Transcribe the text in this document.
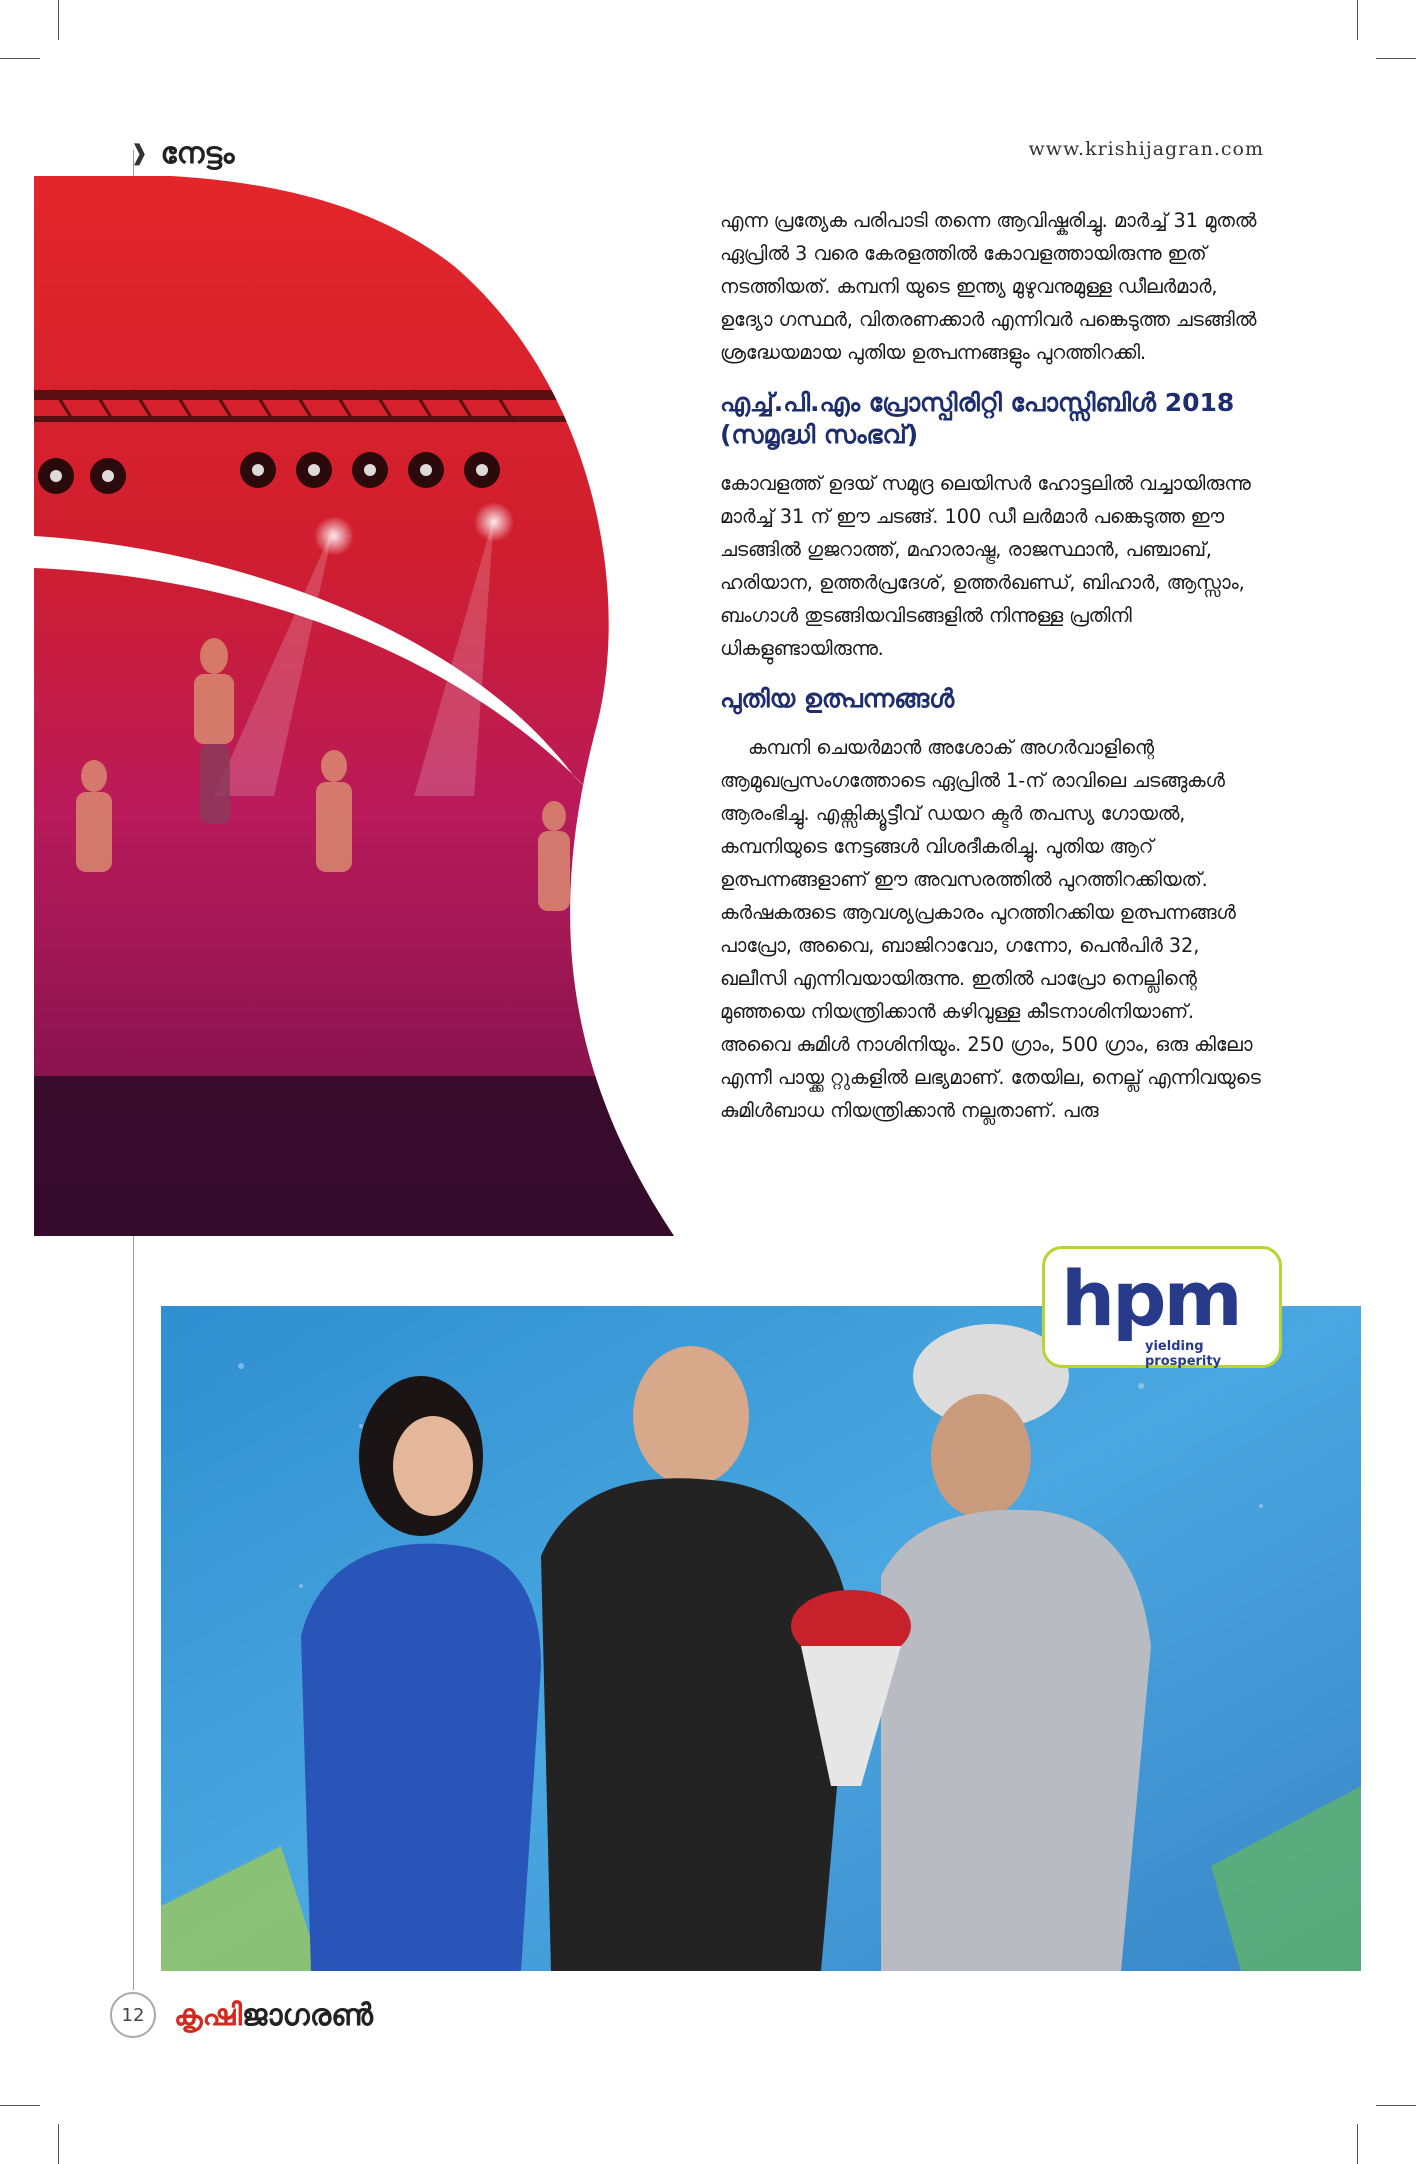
❱ നേട്ടം	www.krishijagran.com

എന്ന പ്രത്യേക പരിപാടി തന്നെ ആവിഷ്കരിച്ചു. മാർച്ച് 31 മുതൽ ഏപ്രിൽ 3 വരെ കേരളത്തിൽ കോവളത്തായിരുന്നു ഇത് നടത്തിയത്. കമ്പനി യുടെ ഇന്ത്യ മുഴുവനുമുള്ള ഡീലർമാർ, ഉദ്യോ ഗസ്ഥർ, വിതരണക്കാർ എന്നിവർ പങ്കെടുത്ത ചടങ്ങിൽ ശ്രദ്ധേയമായ പുതിയ ഉത്പന്നങ്ങളും പുറത്തിറക്കി.

എച്ച്.പി.എം പ്രോസ്പിരിറ്റി പോസ്സിബിൾ 2018 (സമൃദ്ധി സംഭവ്)

കോവളത്ത് ഉദയ് സമുദ്ര ലെയിസർ ഹോട്ടലിൽ വച്ചായിരുന്നു മാർച്ച് 31 ന് ഈ ചടങ്ങ്. 100 ഡീ ലർമാർ പങ്കെടുത്ത ഈ ചടങ്ങിൽ ഗുജറാത്ത്, മഹാരാഷ്ട്ര, രാജസ്ഥാൻ, പഞ്ചാബ്, ഹരിയാന, ഉത്തർപ്രദേശ്, ഉത്തർഖണ്ഡ്, ബിഹാർ, ആസ്സാം, ബംഗാൾ തുടങ്ങിയവിടങ്ങളിൽ നിന്നുള്ള പ്രതിനി ധികളുണ്ടായിരുന്നു.

പുതിയ ഉത്പന്നങ്ങൾ

കമ്പനി ചെയർമാൻ അശോക് അഗർവാളിന്റെ ആമുഖപ്രസംഗത്തോടെ ഏപ്രിൽ 1-ന് രാവിലെ ചടങ്ങുകൾ ആരംഭിച്ചു. എക്സിക്യൂട്ടീവ് ഡയറ ക്ടർ തപസ്യ ഗോയൽ, കമ്പനിയുടെ നേട്ടങ്ങൾ വിശദീകരിച്ചു. പുതിയ ആറ് ഉത്പന്നങ്ങളാണ് ഈ അവസരത്തിൽ പുറത്തിറക്കിയത്. കർഷകരുടെ ആവശ്യപ്രകാരം പുറത്തിറക്കിയ ഉത്പന്നങ്ങൾ പാപ്രോ, അവൈ, ബാജിറാവോ, ഗന്നോ, പെൻപിർ 32, ഖലീസി എന്നിവയായിരുന്നു. ഇതിൽ പാപ്രോ നെല്ലിന്റെ മുഞ്ഞയെ നിയന്ത്രിക്കാൻ കഴിവുള്ള കീടനാശിനിയാണ്. അവൈ കുമിൾ നാശിനിയും. 250 ഗ്രാം, 500 ഗ്രാം, ഒരു കിലോ എന്നീ പായ്ക്ക റ്റുകളിൽ ലഭ്യമാണ്. തേയില, നെല്ല് എന്നിവയുടെ കുമിൾബാധ നിയന്ത്രിക്കാൻ നല്ലതാണ്. പരു

hpm
yielding prosperity
12 കൃഷിജാഗരൺ
